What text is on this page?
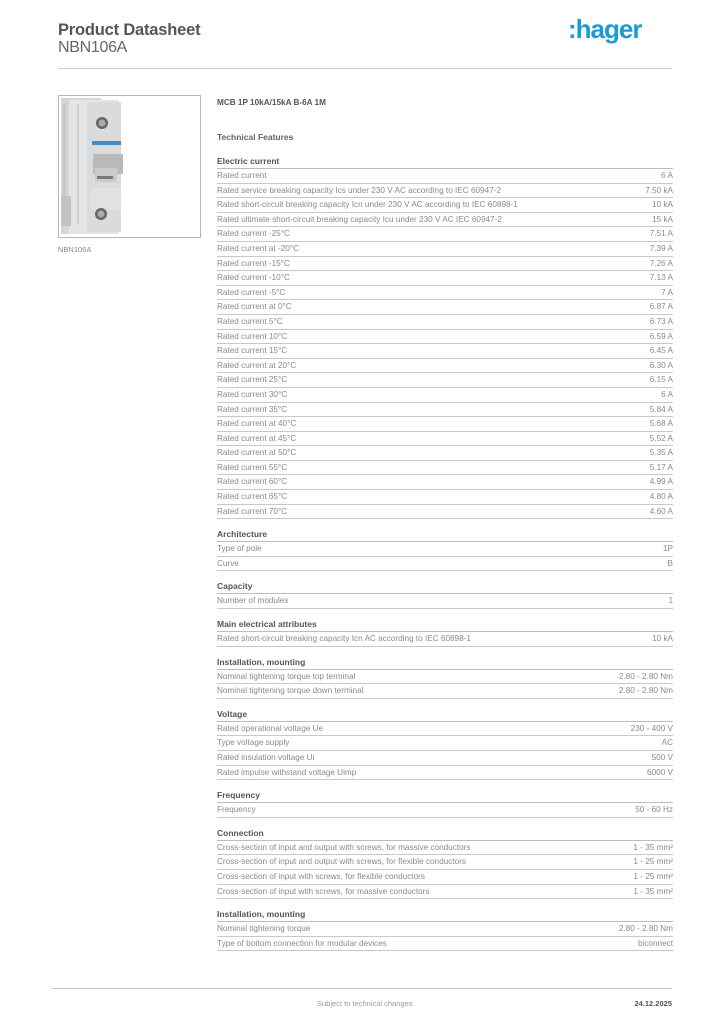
Product Datasheet
NBN106A
:hager
NBN106A
MCB 1P 10kA/15kA B-6A 1M
Technical Features
Electric current
Rated current	6 A
Rated service breaking capacity Ics under 230 V AC according to IEC 60947-2	7.50 kA
Rated short-circuit breaking capacity Icn under 230 V AC according to IEC 60898-1	10 kA
Rated ultimate short-circuit breaking capacity Icu under 230 V AC IEC 60947-2	15 kA
Rated current -25°C	7.51 A
Rated current at -20°C	7.39 A
Rated current -15°C	7.26 A
Rated current -10°C	7.13 A
Rated current -5°C	7 A
Rated current at 0°C	6.87 A
Rated current 5°C	6.73 A
Rated current 10°C	6.59 A
Rated current 15°C	6.45 A
Rated current at 20°C	6.30 A
Rated current 25°C	6.15 A
Rated current 30°C	6 A
Rated current 35°C	5.84 A
Rated current at 40°C	5.68 A
Rated current at 45°C	5.52 A
Rated current at 50°C	5.35 A
Rated current 55°C	5.17 A
Rated current 60°C	4.99 A
Rated current 65°C	4.80 A
Rated current 70°C	4.60 A
Architecture
Type of pole	1P
Curve	B
Capacity
Number of modules	1
Main electrical attributes
Rated short-circuit breaking capacity Icn AC according to IEC 60898-1	10 kA
Installation, mounting
Nominal tightening torque top terminal	2.80 - 2.80 Nm
Nominal tightening torque down terminal	2.80 - 2.80 Nm
Voltage
Rated operational voltage Ue	230 - 400 V
Type voltage supply	AC
Rated insulation voltage Ui	500 V
Rated impulse withstand voltage Uimp	6000 V
Frequency
Frequency	50 - 60 Hz
Connection
Cross-section of input and output with screws, for massive conductors	1 - 35 mm²
Cross-section of input and output with screws, for flexible conductors	1 - 25 mm²
Cross-section of input with screws, for flexible conductors	1 - 25 mm²
Cross-section of input with screws, for massive conductors	1 - 35 mm²
Installation, mounting
Nominal tightening torque	2.80 - 2.80 Nm
Type of bottom connection for modular devices	biconnect
Subject to technical changes	24.12.2025
